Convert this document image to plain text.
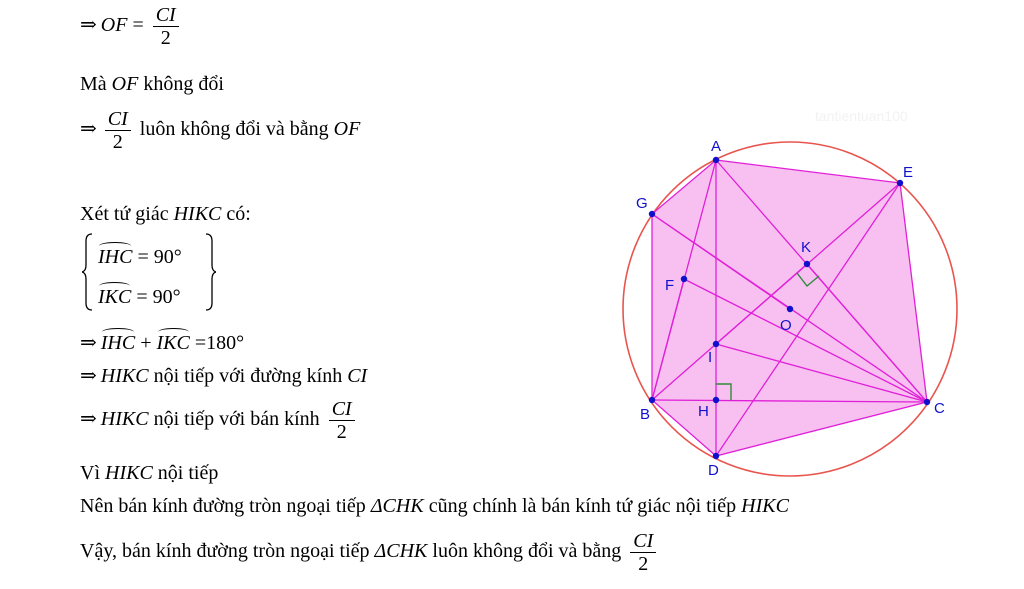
⇒ OF = $\frac{CI}{2}$
Mà OF không đổi
⇒ $\frac{CI}{2}$ luôn không đổi và bằng OF
Xét tứ giác HIKC có:
IHC = 90°
IKC = 90°
⇒ IHC + IKC =180°
⇒ HIKC nội tiếp với đường kính CI
⇒ HIKC nội tiếp với bán kính $\frac{CI}{2}$
Vì HIKC nội tiếp
Nên bán kính đường tròn ngoại tiếp ΔCHK cũng chính là bán kính tứ giác nội tiếp HIKC
Vậy, bán kính đường tròn ngoại tiếp ΔCHK luôn không đổi và bằng $\frac{CI}{2}$
tantientuan100
A
E
G
K
F
O
I
B	H	C
D
